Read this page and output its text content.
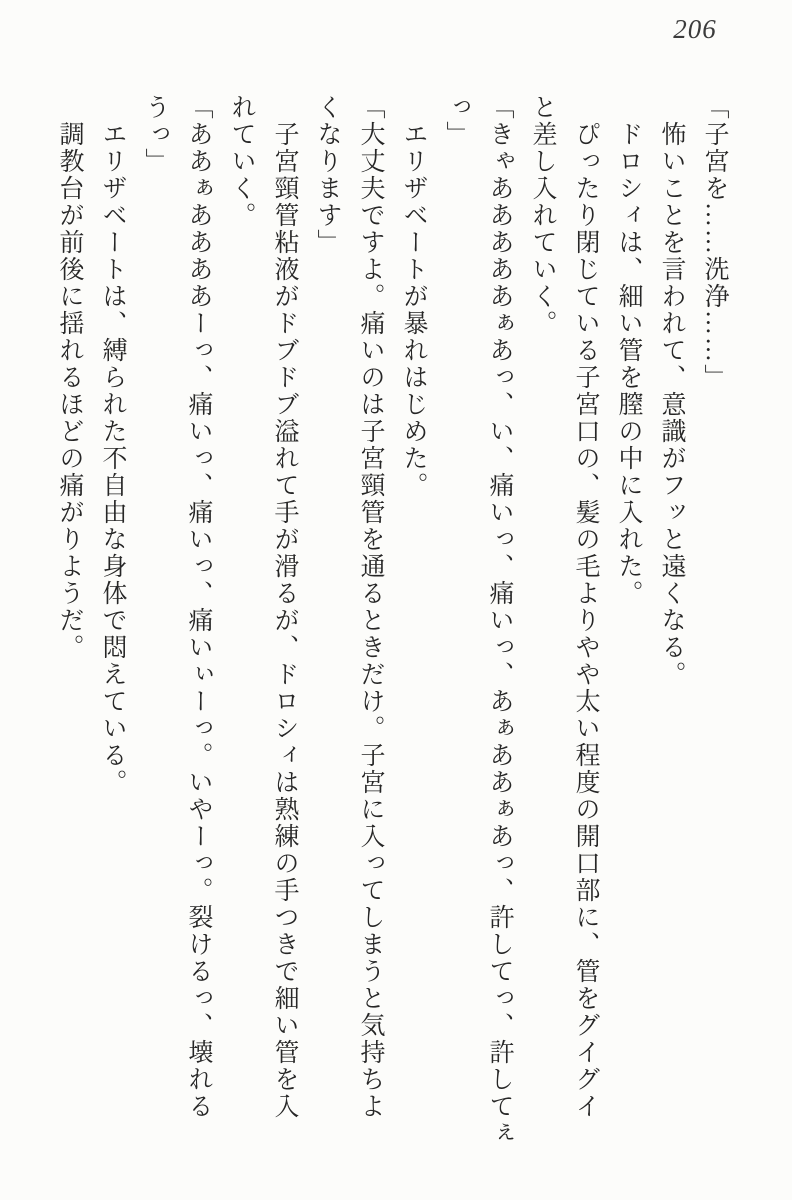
206

「子宮を……洗浄……」

怖いことを言われて、意識がフッと遠くなる。

ドロシィは、細い管を膣の中に入れた。

ぴったり閉じている子宮口の、髪の毛よりやや太い程度の開口部に、管をグイグイ

と差し入れていく。

「きゃあああああぁあっ、い、痛いっ、痛いっ、あぁああぁあっ、許してっ、許してぇ

っ」

エリザベートが暴れはじめた。

「大丈夫ですよ。痛いのは子宮頸管を通るときだけ。子宮に入ってしまうと気持ちよ

くなります」

子宮頸管粘液がドブドブ溢れて手が滑るが、ドロシィは熟練の手つきで細い管を入

れていく。

「ああぁああああーっ、痛いっ、痛いっ、痛いぃーっ。いやーっ。裂けるっ、壊れる

うっ」

エリザベートは、縛られた不自由な身体で悶えている。

調教台が前後に揺れるほどの痛がりようだ。
